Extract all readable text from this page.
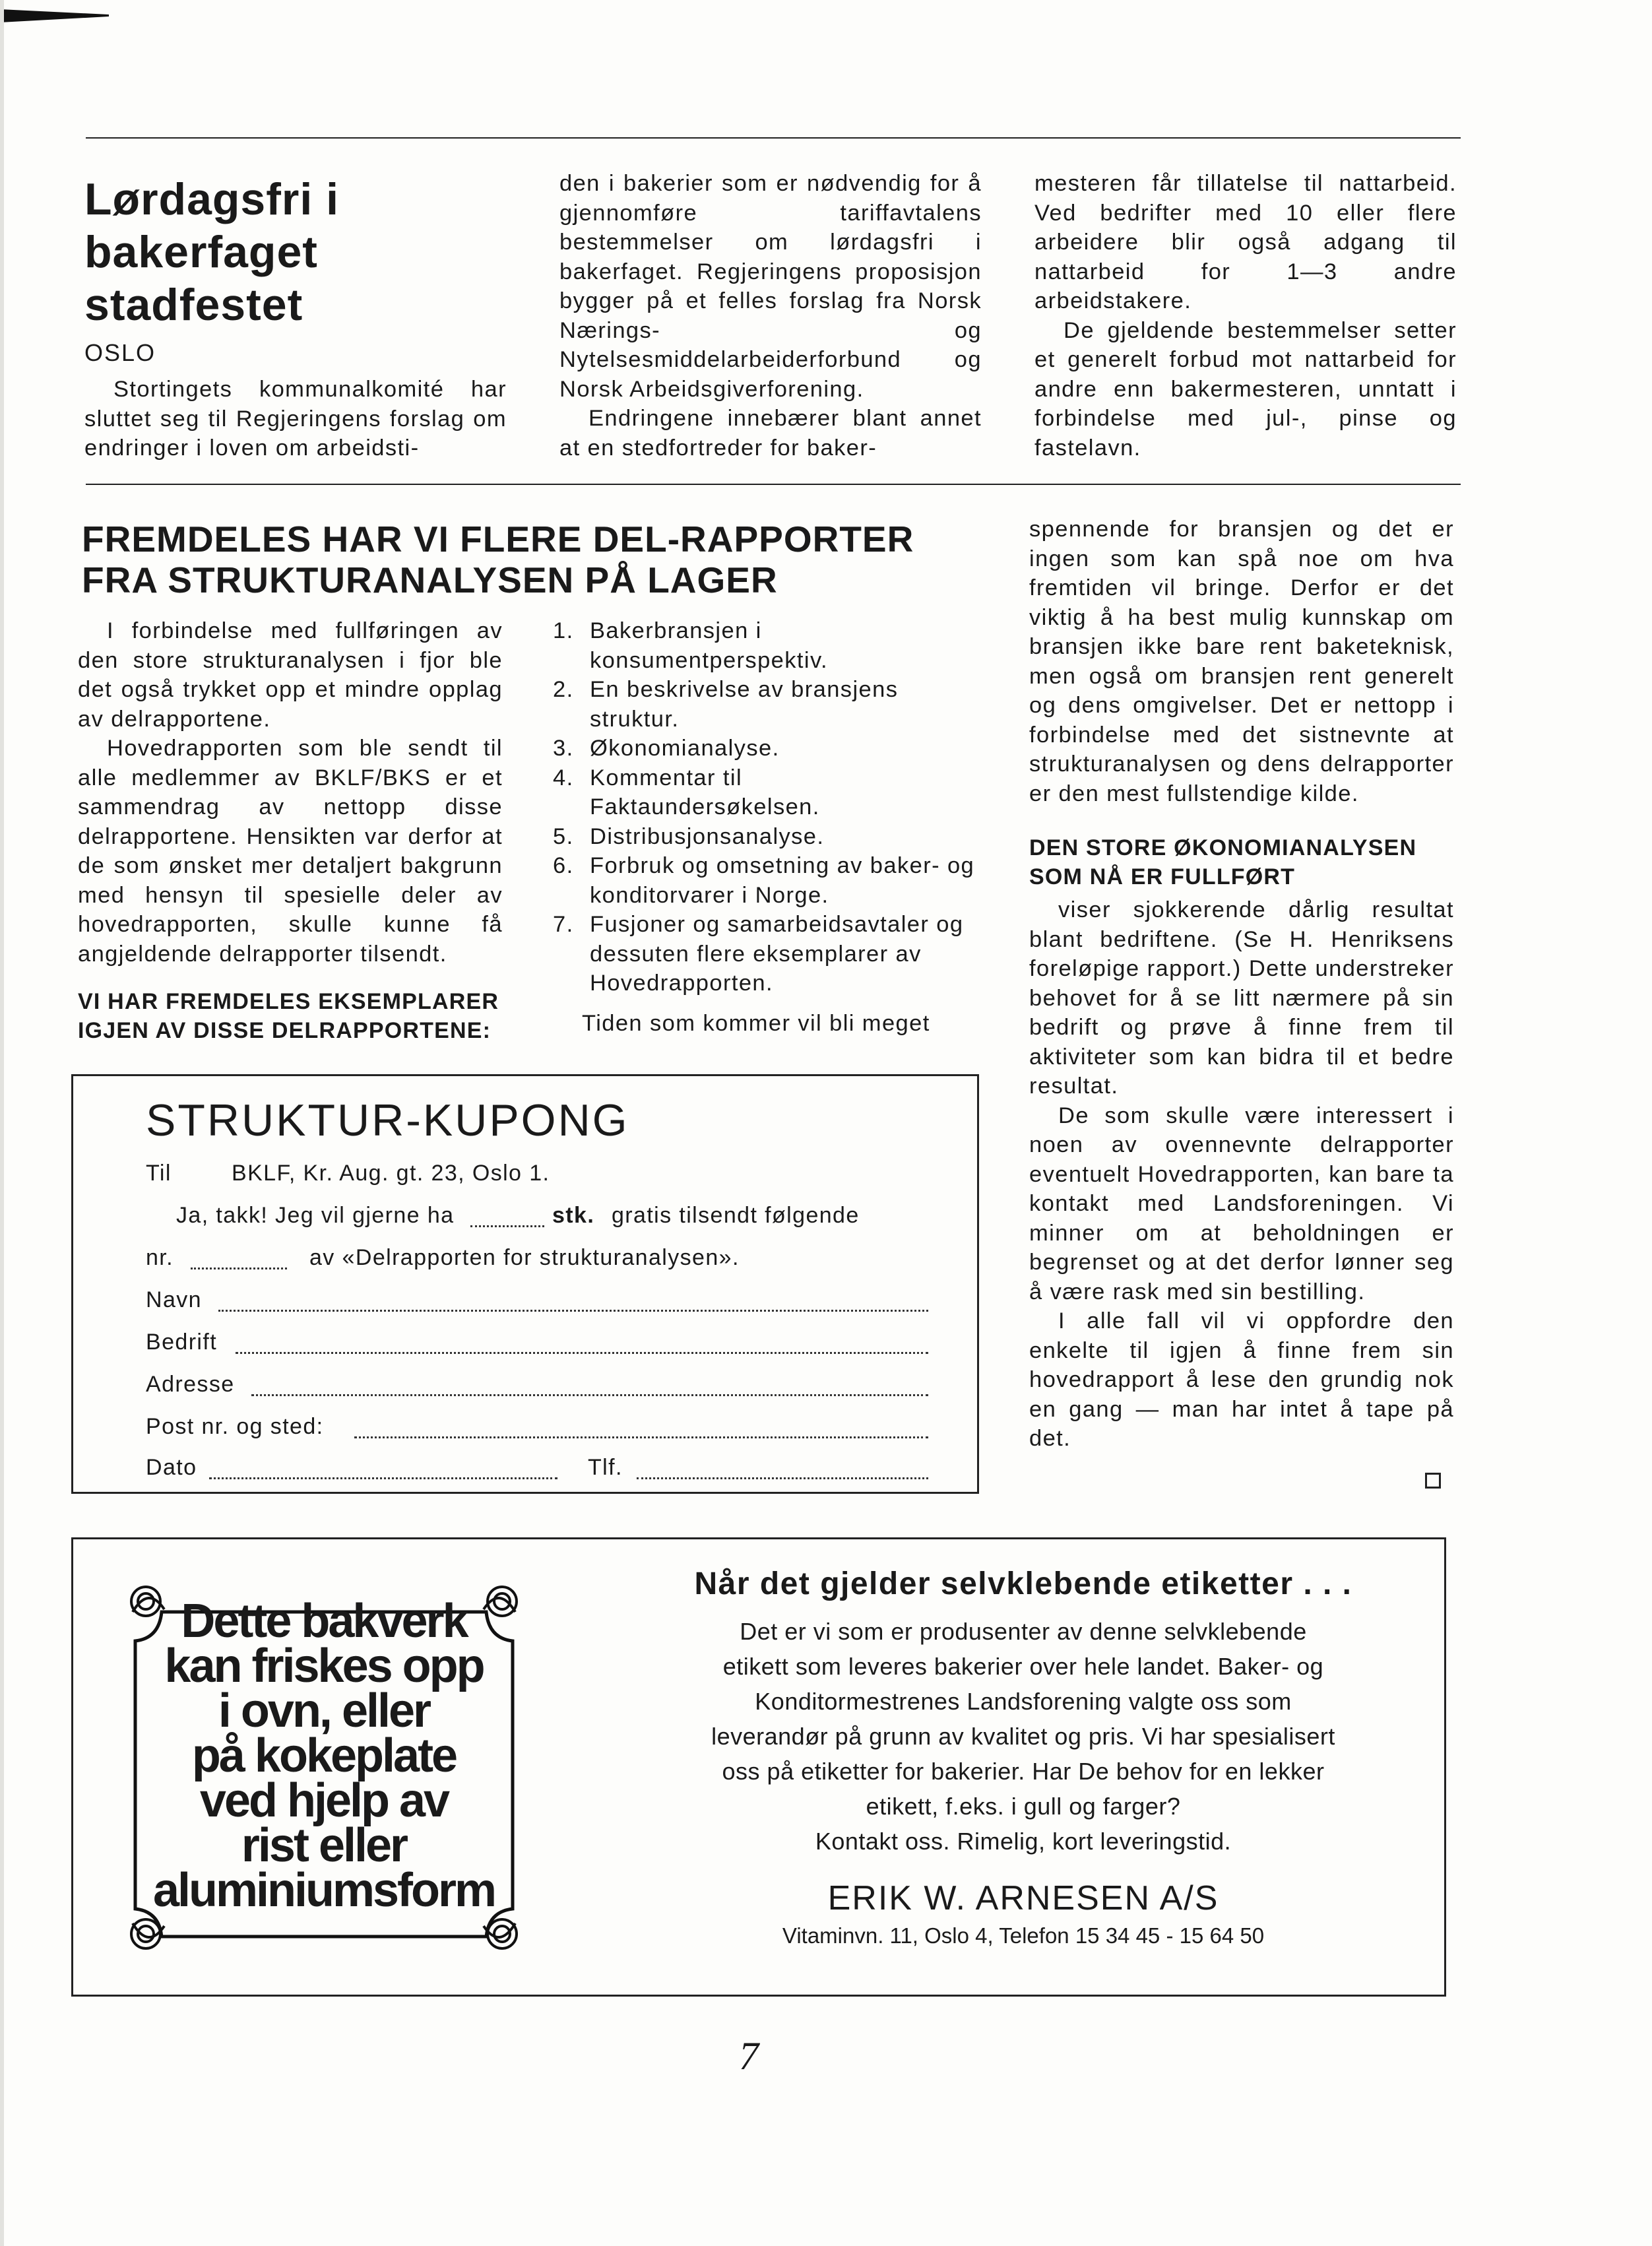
Lørdagsfri i
bakerfaget
stadfestet
OSLO

Stortingets kommunalkomité har sluttet seg til Regjeringens forslag om endringer i loven om arbeidsti-

den i bakerier som er nødvendig for å gjennomføre tariffavtalens bestemmelser om lørdagsfri i bakerfaget. Regjeringens proposisjon bygger på et felles forslag fra Norsk Nærings- og Nytelsesmiddelarbeiderforbund og Norsk Arbeidsgiverforening.

Endringene innebærer blant annet at en stedfortreder for baker-

mesteren får tillatelse til nattarbeid. Ved bedrifter med 10 eller flere arbeidere blir også adgang til nattarbeid for 1—3 andre arbeidstakere.

De gjeldende bestemmelser setter et generelt forbud mot nattarbeid for andre enn bakermesteren, unntatt i forbindelse med jul-, pinse og fastelavn.

FREMDELES HAR VI FLERE DEL-RAPPORTER
FRA STRUKTURANALYSEN PÅ LAGER

I forbindelse med fullføringen av den store strukturanalysen i fjor ble det også trykket opp et mindre opplag av delrapportene.

Hovedrapporten som ble sendt til alle medlemmer av BKLF/BKS er et sammendrag av nettopp disse delrapportene. Hensikten var derfor at de som ønsket mer detaljert bakgrunn med hensyn til spesielle deler av hovedrapporten, skulle kunne få angjeldende delrapporter tilsendt.

VI HAR FREMDELES EKSEMPLARER
IGJEN AV DISSE DELRAPPORTENE:
1. Bakerbransjen i konsumentperspektiv.
2. En beskrivelse av bransjens struktur.
3. Økonomianalyse.
4. Kommentar til Faktaundersøkelsen.
5. Distribusjonsanalyse.
6. Forbruk og omsetning av baker- og konditorvarer i Norge.
7. Fusjoner og samarbeidsavtaler og dessuten flere eksemplarer av Hovedrapporten.

Tiden som kommer vil bli meget

spennende for bransjen og det er ingen som kan spå noe om hva fremtiden vil bringe. Derfor er det viktig å ha best mulig kunnskap om bransjen ikke bare rent baketeknisk, men også om bransjen rent generelt og dens omgivelser. Det er nettopp i forbindelse med det sistnevnte at strukturanalysen og dens delrapporter er den mest fullstendige kilde.

DEN STORE ØKONOMIANALYSEN
SOM NÅ ER FULLFØRT

viser sjokkerende dårlig resultat blant bedriftene. (Se H. Henriksens foreløpige rapport.) Dette understreker behovet for å se litt nærmere på sin bedrift og prøve å finne frem til aktiviteter som kan bidra til et bedre resultat.

De som skulle være interessert i noen av ovennevnte delrapporter eventuelt Hovedrapporten, kan bare ta kontakt med Landsforeningen. Vi minner om at beholdningen er begrenset og at det derfor lønner seg å være rask med sin bestilling.

I alle fall vil vi oppfordre den enkelte til igjen å finne frem sin hovedrapport å lese den grundig nok en gang — man har intet å tape på det.

STRUKTUR-KUPONG
Til	BKLF, Kr. Aug. gt. 23, Oslo 1.
Ja, takk! Jeg vil gjerne ha	stk. gratis tilsendt følgende
nr.	av «Delrapporten for strukturanalysen».
Navn
Bedrift
Adresse
Post nr. og sted:
Dato	Tlf.
Dette bakverk
kan friskes opp
i ovn, eller
på kokeplate
ved hjelp av
rist eller
aluminiumsform
Når det gjelder selvklebende etiketter . . .
Det er vi som er produsenter av denne selvklebende
etikett som leveres bakerier over hele landet. Baker- og
Konditormestrenes Landsforening valgte oss som
leverandør på grunn av kvalitet og pris. Vi har spesialisert
oss på etiketter for bakerier. Har De behov for en lekker
etikett, f.eks. i gull og farger?
Kontakt oss. Rimelig, kort leveringstid.
ERIK W. ARNESEN A/S
Vitaminvn. 11, Oslo 4, Telefon 15 34 45 - 15 64 50
7
